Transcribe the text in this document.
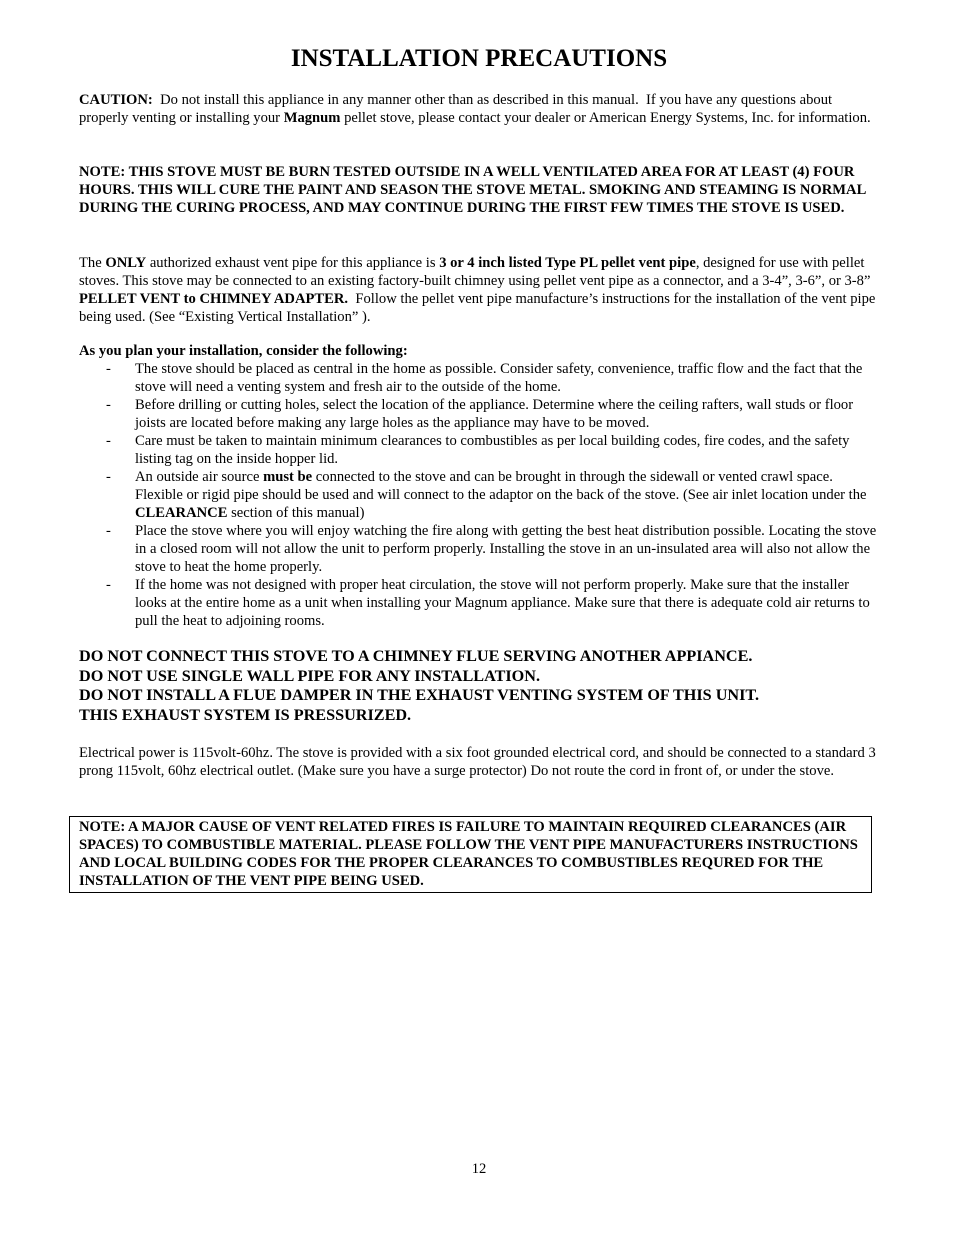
INSTALLATION PRECAUTIONS

CAUTION:  Do not install this appliance in any manner other than as described in this manual.  If you have any questions about properly venting or installing your Magnum pellet stove, please contact your dealer or American Energy Systems, Inc. for information.

NOTE: THIS STOVE MUST BE BURN TESTED OUTSIDE IN A WELL VENTILATED AREA FOR AT LEAST (4) FOUR HOURS. THIS WILL CURE THE PAINT AND SEASON THE STOVE METAL. SMOKING AND STEAMING IS NORMAL DURING THE CURING PROCESS, AND MAY CONTINUE DURING THE FIRST FEW TIMES THE STOVE IS USED.

The ONLY authorized exhaust vent pipe for this appliance is 3 or 4 inch listed Type PL pellet vent pipe, designed for use with pellet stoves. This stove may be connected to an existing factory-built chimney using pellet vent pipe as a connector, and a 3-4”, 3-6”, or 3-8” PELLET VENT to CHIMNEY ADAPTER.  Follow the pellet vent pipe manufacture’s instructions for the installation of the vent pipe being used. (See “Existing Vertical Installation” ).

As you plan your installation, consider the following:

- The stove should be placed as central in the home as possible. Consider safety, convenience, traffic flow and the fact that the stove will need a venting system and fresh air to the outside of the home.
- Before drilling or cutting holes, select the location of the appliance. Determine where the ceiling rafters, wall studs or floor joists are located before making any large holes as the appliance may have to be moved.
- Care must be taken to maintain minimum clearances to combustibles as per local building codes, fire codes, and the safety listing tag on the inside hopper lid.
- An outside air source must be connected to the stove and can be brought in through the sidewall or vented crawl space. Flexible or rigid pipe should be used and will connect to the adaptor on the back of the stove. (See air inlet location under the CLEARANCE section of this manual)
- Place the stove where you will enjoy watching the fire along with getting the best heat distribution possible. Locating the stove in a closed room will not allow the unit to perform properly. Installing the stove in an un-insulated area will also not allow the stove to heat the home properly.
- If the home was not designed with proper heat circulation, the stove will not perform properly. Make sure that the installer looks at the entire home as a unit when installing your Magnum appliance. Make sure that there is adequate cold air returns to pull the heat to adjoining rooms.

DO NOT CONNECT THIS STOVE TO A CHIMNEY FLUE SERVING ANOTHER APPIANCE.

DO NOT USE SINGLE WALL PIPE FOR ANY INSTALLATION.

DO NOT INSTALL A FLUE DAMPER IN THE EXHAUST VENTING SYSTEM OF THIS UNIT.

THIS EXHAUST SYSTEM IS PRESSURIZED.

Electrical power is 115volt-60hz. The stove is provided with a six foot grounded electrical cord, and should be connected to a standard 3 prong 115volt, 60hz electrical outlet. (Make sure you have a surge protector) Do not route the cord in front of, or under the stove.

NOTE: A MAJOR CAUSE OF VENT RELATED FIRES IS FAILURE TO MAINTAIN REQUIRED CLEARANCES (AIR SPACES) TO COMBUSTIBLE MATERIAL. PLEASE FOLLOW THE VENT PIPE MANUFACTURERS INSTRUCTIONS AND LOCAL BUILDING CODES FOR THE PROPER CLEARANCES TO COMBUSTIBLES REQURED FOR THE INSTALLATION OF THE VENT PIPE BEING USED.

12
